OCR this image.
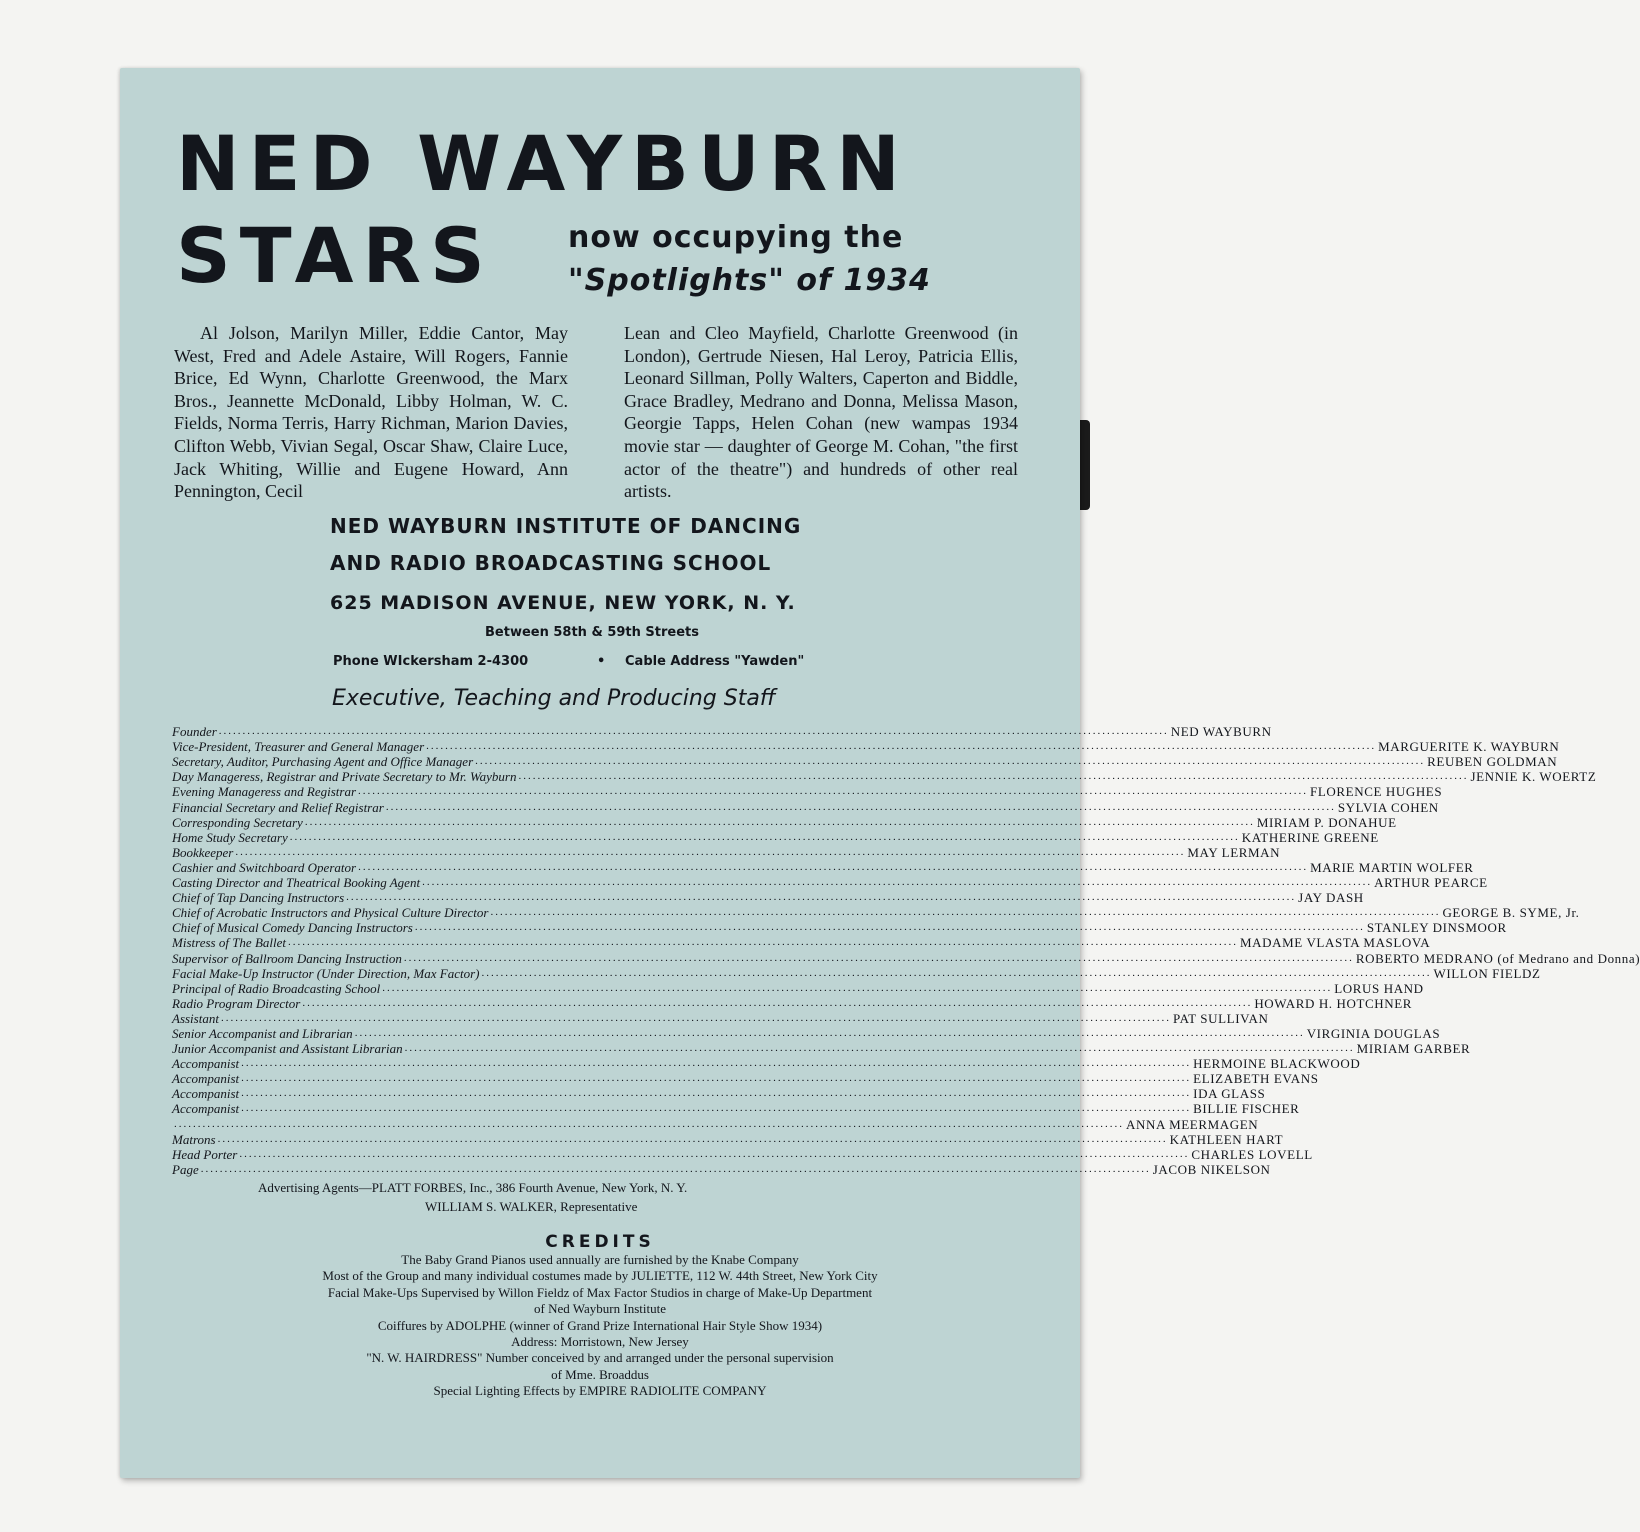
NED WAYBURN
STARS now occupying the
"Spotlights" of 1934

Al Jolson, Marilyn Miller, Eddie Cantor, May West, Fred and Adele Astaire, Will Rogers, Fannie Brice, Ed Wynn, Charlotte Greenwood, the Marx Bros., Jeannette McDonald, Libby Holman, W. C. Fields, Norma Terris, Harry Richman, Marion Davies, Clifton Webb, Vivian Segal, Oscar Shaw, Claire Luce, Jack Whiting, Willie and Eugene Howard, Ann Pennington, Cecil

Lean and Cleo Mayfield, Charlotte Greenwood (in London), Gertrude Niesen, Hal Leroy, Patricia Ellis, Leonard Sillman, Polly Walters, Caperton and Biddle, Grace Bradley, Medrano and Donna, Melissa Mason, Georgie Tapps, Helen Cohan (new wampas 1934 movie star — daughter of George M. Cohan, "the first actor of the theatre") and hundreds of other real artists.

NED WAYBURN INSTITUTE OF DANCING
AND RADIO BROADCASTING SCHOOL
625 MADISON AVENUE, NEW YORK, N. Y.
Between 58th & 59th Streets
Phone WIckersham 2-4300	• Cable Address "Yawden"
Executive, Teaching and Producing Staff
Founder ........................................................................................................................................................................................................ NED WAYBURN
Vice-President, Treasurer and General Manager ........................................................................................................................................................................................................ MARGUERITE K. WAYBURN
Secretary, Auditor, Purchasing Agent and Office Manager ........................................................................................................................................................................................................ REUBEN GOLDMAN
Day Manageress, Registrar and Private Secretary to Mr. Wayburn ........................................................................................................................................................................................................ JENNIE K. WOERTZ
Evening Manageress and Registrar ........................................................................................................................................................................................................ FLORENCE HUGHES
Financial Secretary and Relief Registrar ........................................................................................................................................................................................................ SYLVIA COHEN
Corresponding Secretary ........................................................................................................................................................................................................ MIRIAM P. DONAHUE
Home Study Secretary ........................................................................................................................................................................................................ KATHERINE GREENE
Bookkeeper ........................................................................................................................................................................................................ MAY LERMAN
Cashier and Switchboard Operator ........................................................................................................................................................................................................ MARIE MARTIN WOLFER
Casting Director and Theatrical Booking Agent ........................................................................................................................................................................................................ ARTHUR PEARCE
Chief of Tap Dancing Instructors ........................................................................................................................................................................................................ JAY DASH
Chief of Acrobatic Instructors and Physical Culture Director ........................................................................................................................................................................................................ GEORGE B. SYME, Jr.
Chief of Musical Comedy Dancing Instructors ........................................................................................................................................................................................................ STANLEY DINSMOOR
Mistress of The Ballet ........................................................................................................................................................................................................ MADAME VLASTA MASLOVA
Supervisor of Ballroom Dancing Instruction ........................................................................................................................................................................................................ ROBERTO MEDRANO (of Medrano and Donna)
Facial Make-Up Instructor (Under Direction, Max Factor) ........................................................................................................................................................................................................ WILLON FIELDZ
Principal of Radio Broadcasting School ........................................................................................................................................................................................................ LORUS HAND
Radio Program Director ........................................................................................................................................................................................................ HOWARD H. HOTCHNER
Assistant ........................................................................................................................................................................................................ PAT SULLIVAN
Senior Accompanist and Librarian ........................................................................................................................................................................................................ VIRGINIA DOUGLAS
Junior Accompanist and Assistant Librarian ........................................................................................................................................................................................................ MIRIAM GARBER
Accompanist ........................................................................................................................................................................................................ HERMOINE BLACKWOOD
Accompanist ........................................................................................................................................................................................................ ELIZABETH EVANS
Accompanist ........................................................................................................................................................................................................ IDA GLASS
Accompanist ........................................................................................................................................................................................................ BILLIE FISCHER
........................................................................................................................................................................................................ ANNA MEERMAGEN
Matrons ........................................................................................................................................................................................................ KATHLEEN HART
Head Porter ........................................................................................................................................................................................................ CHARLES LOVELL
Page ........................................................................................................................................................................................................ JACOB NIKELSON
Advertising Agents—PLATT FORBES, Inc., 386 Fourth Avenue, New York, N. Y.
WILLIAM S. WALKER, Representative
CREDITS
The Baby Grand Pianos used annually are furnished by the Knabe Company
Most of the Group and many individual costumes made by JULIETTE, 112 W. 44th Street, New York City
Facial Make-Ups Supervised by Willon Fieldz of Max Factor Studios in charge of Make-Up Department
of Ned Wayburn Institute
Coiffures by ADOLPHE (winner of Grand Prize International Hair Style Show 1934)
Address: Morristown, New Jersey
"N. W. HAIRDRESS" Number conceived by and arranged under the personal supervision
of Mme. Broaddus
Special Lighting Effects by EMPIRE RADIOLITE COMPANY
